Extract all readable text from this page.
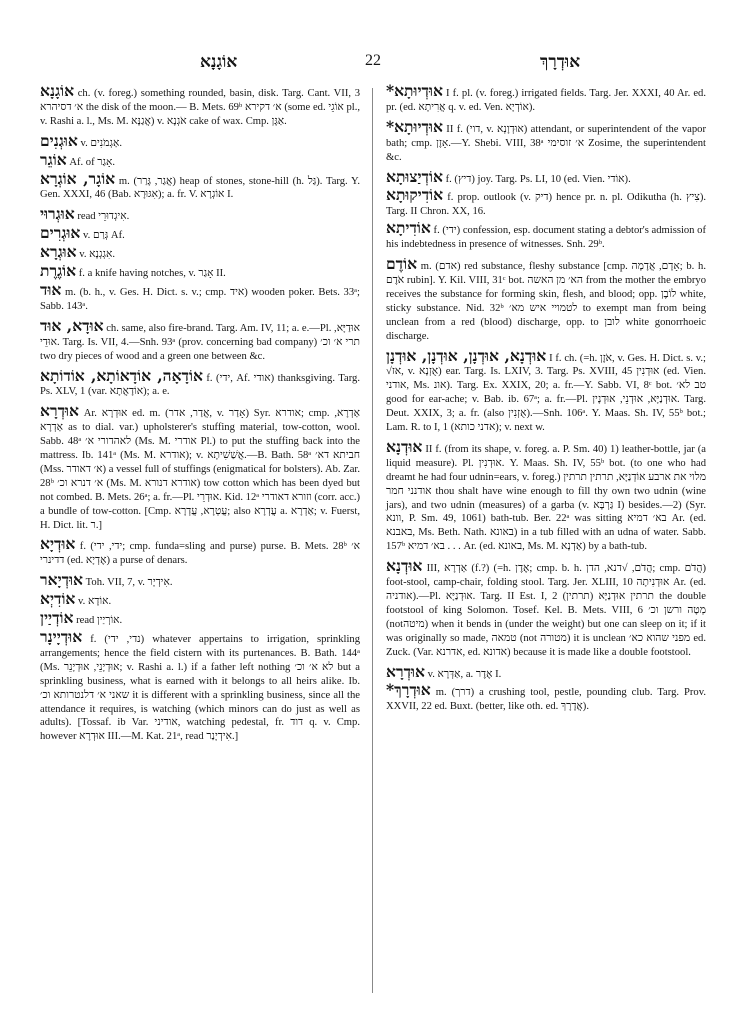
אוֹגָנָא	22	אוּדְרָךְ

אוֹגָנָא ch. (v. foreg.) something rounded, basin, disk. Targ. Cant. VII, 3 א׳ דסיהרא the disk of the moon.— B. Mets. 69ᵇ א׳ דקירא (some ed. אוֹגֵי pl., v. Rashi a. l., Ms. M. אֲגַנָּא) v. אֹגְנָא cake of wax. Cmp. אַגָּן.

אוּגְנִים v. אַגְמֹנִים.

אוֹגֵר Af. of אָגַר.

אוֹגָר, אוֹגְרָא m. (אֲגַר, גָּרַר) heap of stones, stone-hill (h. גַּל). Targ. Y. Gen. XXXI, 46 (Bab. אִגּוּרָא); a. fr. V. אוֹגְרָא I.

אוּגְרוּי read אִיגְדוּרֵי.

אוּגְרִים v. גְּרַם Af.

אוּגְרָא v. אִגְגְנָא.

אוֹגֶרֶת f. a knife having notches, v. אָגַר II.

אוּד m. (b. h., v. Ges. H. Dict. s. v.; cmp. איד) wooden poker. Bets. 33ᵃ; Sabb. 143ᵃ.

אוּדָא, אוּד ch. same, also fire-brand. Targ. Am. IV, 11; a. e.—Pl. אוּדַיָּא, אוּדֵי. Targ. Is. VII, 4.—Snh. 93ᵃ (prov. concerning bad company) תרי א׳ וכ׳ two dry pieces of wood and a green one between &c.

אוֹדָאָה, אוֹדָאוֹתָא, אוֹדוֹתָא f. (ידי, Af. אודי) thanksgiving. Targ. Ps. XLV, 1 (var. אוֹדָאֲתָא); a. e.

אוּדְרָא Ar. אוּדְרָא ed. m. (אֲדַר, אדר, v. אָדַר) Syr. אודרא; cmp. אַדְרָא, אַדְרָא as to dial. var.) upholsterer's stuffing material, tow-cotton, wool. Sabb. 48ᵃ לאהדורי א׳ (Ms. M. אודרי Pl.) to put the stuffing back into the mattress. Ib. 141ᵃ (Ms. M. אודרא); v. אֲשַׁשִׁיתָא.—B. Bath. 58ᵃ חביתא דא׳ (Mss. א׳ דאודר) a vessel full of stuffings (enigmatical for bolsters). Ab. Zar. 28ᵇ א׳ דנרא וכ׳ (Ms. M. אודרא דנורא) tow cotton which has been dyed but not combed. B. Mets. 26ᵃ; a. fr.—Pl. אוּדְרֵי. Kid. 12ᵃ וזורא דאודרי (corr. acc.) a bundle of tow-cotton. [Cmp. עֲטְרָא, עֲדְרָא; also עֲדְרָא a. אַדְרָא; v. Fuerst, H. Dict. lit. ר.]

אוּדְיָא f. (ידי, ידי; cmp. funda=sling and purse) purse. B. Mets. 28ᵇ א׳ דדינרי (ed. אֶדְיָא) a purse of denars.

אוּדְיָאר Toh. VII, 7, v. אִידְיָר.

אוֹדִיְא v. אוֹדָא.

אוֹדְיַין read אוֹרְיַין.

אוּדְיָינָר f. (נדי, ידי) whatever appertains to irrigation, sprinkling arrangements; hence the field cistern with its purtenances. B. Bath. 144ᵃ (Ms. אוּדְיָנֵי, אוּדְיָנֵר; v. Rashi a. l.) if a father left nothing לא א׳ וכ׳ but a sprinkling business, what is earned with it belongs to all heirs alike. Ib. שאני א׳ דלנטרותא וכ׳ it is different with a sprinkling business, since all the attendance it requires, is watching (which minors can do just as well as adults). [Tossaf. ib Var. אודיני, watching pedestal, fr. דוד q. v. Cmp. however אוּדְרָא III.—M. Kat. 21ᵃ, read אִידְיָנַר.]

*אוּדְיוּתָא I f. pl. (v. foreg.) irrigated fields. Targ. Jer. XXXI, 40 Ar. ed. pr. (ed. אֲרִיתָא q. v. ed. Ven. אוֹדְיָא).

*אוּדְיוּתָא II f. (דוי, v. אוּדְוָנְא) attendant, or superintendent of the vapor bath; cmp. אָזֶן.—Y. Shebi. VIII, 38ᵃ א׳ זוסימי Zosime, the superintendent &c.

אוֹדְיַצוּתָא f. (דיץ) joy. Targ. Ps. LI, 10 (ed. Vien. אוֹדי).

אוֹדִיקוּתָא f. prop. outlook (v. דיק) hence pr. n. pl. Odikutha (h. צִיץ). Targ. II Chron. XX, 16.

אוֹדִיתָא f. (ידי) confession, esp. document stating a debtor's admission of his indebtedness in presence of witnesses. Snh. 29ᵇ.

אוֹדֶם m. (אדם) red substance, fleshy substance [cmp. אָדָם, אֲדָמָה; b. h. אֹדֶם rubin]. Y. Kil. VIII, 31ᶜ bot. הא׳ מן האשה from the mother the embryo receives the substance for forming skin, flesh, and blood; opp. לוֹבֶן white, sticky substance. Nid. 32ᵇ לטמויי איש מא׳ to exempt man from being unclean from a red (blood) discharge, opp. to לובן white gonorrhoeic discharge.

אוּדְנָא, אוּדְנָן, אוּדְנָן, אוּדְנָן I f. ch. (=h. אֹזֶן, v. Ges. H. Dict. s. v.; √אז, v. אֻזְנָא) ear. Targ. Is. LXIV, 3. Targ. Ps. XVIII, 45 אוּדְנִין (ed. Vien. אודני, Ms. אונ). Targ. Ex. XXIX, 20; a. fr.—Y. Sabb. VI, 8ᶜ bot. טב לא׳ good for ear-ache; v. Bab. ib. 67ᵃ; a. fr.—Pl. אוּדְנַיָּא, אוּדְנֵי, אוּדְנָין. Targ. Deut. XXIX, 3; a. fr. (also אֻזְנִין).—Snh. 106ᵃ. Y. Maas. Sh. IV, 55ᵇ bot.; Lam. R. to I, 1 (אדני כותא); v. next w.

אוּדְנָא II f. (from its shape, v. foreg. a. P. Sm. 40) 1) leather-bottle, jar (a liquid measure). Pl. אוּדְנִין. Y. Maas. Sh. IV, 55ᵇ bot. (to one who had dreamt he had four udnin=ears, v. foreg.) מלוי את ארבע אוֹדְנַיָּא, תרתין תרתין אודנני חמר thou shalt have wine enough to fill thy own two udnin (wine jars), and two udnin (measures) of a garba (v. גַּרְבָּא I) besides.—2) (Syr. וונא, P. Sm. 49, 1061) bath-tub. Ber. 22ᵃ was sitting בא׳ דמיא Ar. (ed. באבנא, Ms. Beth. Nath. באונא) in a tub filled with an udna of water. Sabb. 157ᵇ בא׳ דמיא . . . Ar. (ed. באונא, Ms. M. אַדְנָא) by a bath-tub.

אוּדְנָא III, אַדְרָא (f.?) (=h. אֶדֶן; cmp. b. h. הֲדֹם, √דנא, הדן; cmp. הֲדֹם) foot-stool, camp-chair, folding stool. Targ. Jer. XLIII, 10 אוּדְנִיתָה Ar. (ed. אודניה).—Pl. אוּדְנַיָּא. Targ. II Est. I, 2 (תרתין) תרתין אוּדְנַיָּא the double footstool of king Solomon. Tosef. Kel. B. Mets. VIII, 6 מְטָה ורשן וכ׳ (notמיטה) when it bends in (under the weight) but one can sleep on it; if it was originally so made, טמאה (not מטורה) it is unclean מפני שהוא כא׳ ed. Zuck. (Var. אדרנא, ed. אדונא) because it is made like a double footstool.

אוּדְרָא v. אַדְּרָא, a. אֶדֶר I.

*אוּדְרָךְ m. (דרך) a crushing tool, pestle, pounding club. Targ. Prov. XXVII, 22 ed. Buxt. (better, like oth. ed. אֲדָרָךְ).
